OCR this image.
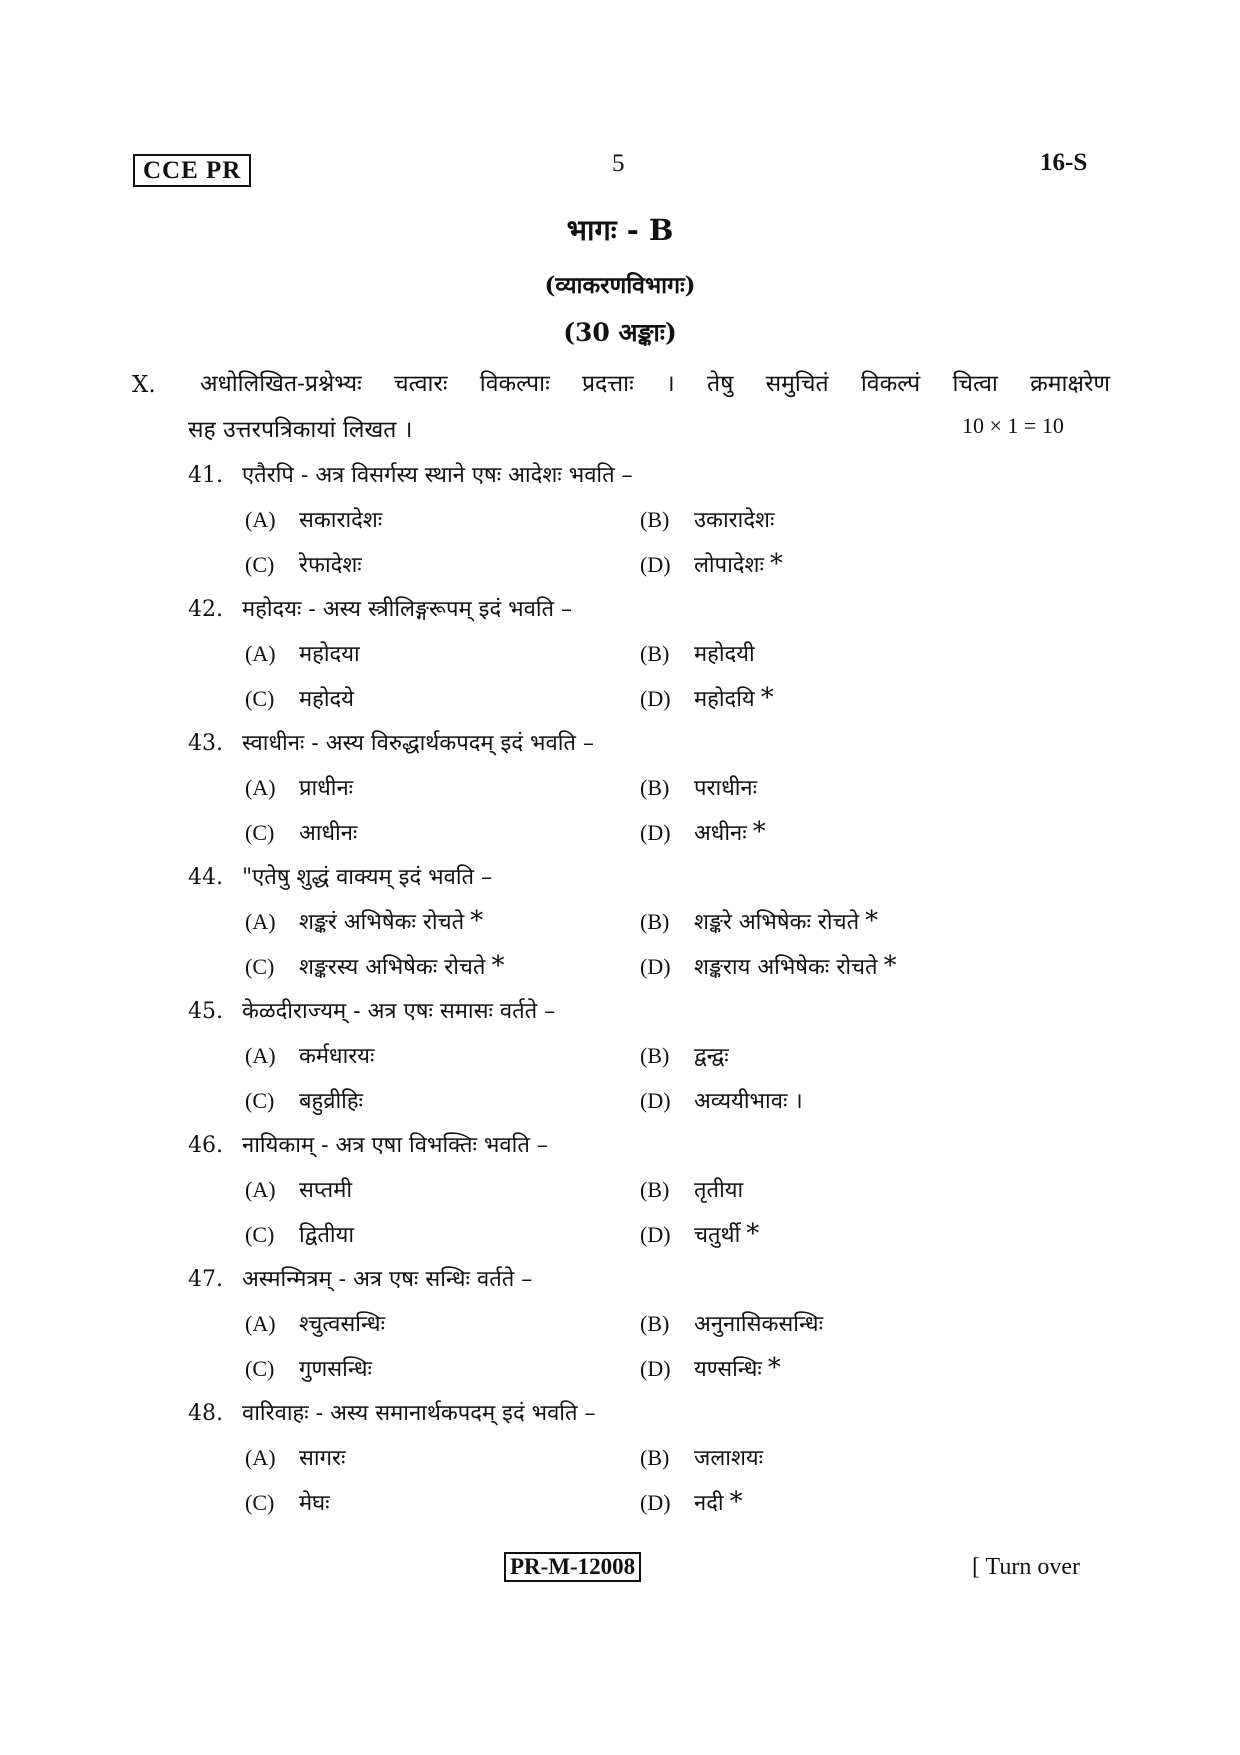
CCE PR	5	16-S
भागः - B
(व्याकरणविभागः)
(30 अङ्काः)
X. अधोलिखित-प्रश्नेभ्यः चत्वारः विकल्पाः प्रदत्ताः । तेषु समुचितं विकल्पं चित्वा क्रमाक्षरेण
सह उत्तरपत्रिकायां लिखत ।	10 × 1 = 10
41. एतैरपि - अत्र विसर्गस्य स्थाने एषः आदेशः भवति –
(A) सकारादेशः	(B) उकारादेशः
(C) रेफादेशः	(D) लोपादेशः *
42. महोदयः - अस्य स्त्रीलिङ्गरूपम् इदं भवति –
(A) महोदया	(B) महोदयी
(C) महोदये	(D) महोदयि *
43. स्वाधीनः - अस्य विरुद्धार्थकपदम् इदं भवति –
(A) प्राधीनः	(B) पराधीनः
(C) आधीनः	(D) अधीनः *
44. "एतेषु शुद्धं वाक्यम् इदं भवति –
(A) शङ्करं अभिषेकः रोचते *	(B) शङ्करे अभिषेकः रोचते *
(C) शङ्करस्य अभिषेकः रोचते *	(D) शङ्कराय अभिषेकः रोचते *
45. केळदीराज्यम् - अत्र एषः समासः वर्तते –
(A) कर्मधारयः	(B) द्वन्द्वः
(C) बहुव्रीहिः	(D) अव्ययीभावः ।
46. नायिकाम् - अत्र एषा विभक्तिः भवति –
(A) सप्तमी	(B) तृतीया
(C) द्वितीया	(D) चतुर्थी *
47. अस्मन्मित्रम् - अत्र एषः सन्धिः वर्तते –
(A) श्चुत्वसन्धिः	(B) अनुनासिकसन्धिः
(C) गुणसन्धिः	(D) यण्सन्धिः *
48. वारिवाहः - अस्य समानार्थकपदम् इदं भवति –
(A) सागरः	(B) जलाशयः
(C) मेघः	(D) नदी *
PR-M-12008	[ Turn over
